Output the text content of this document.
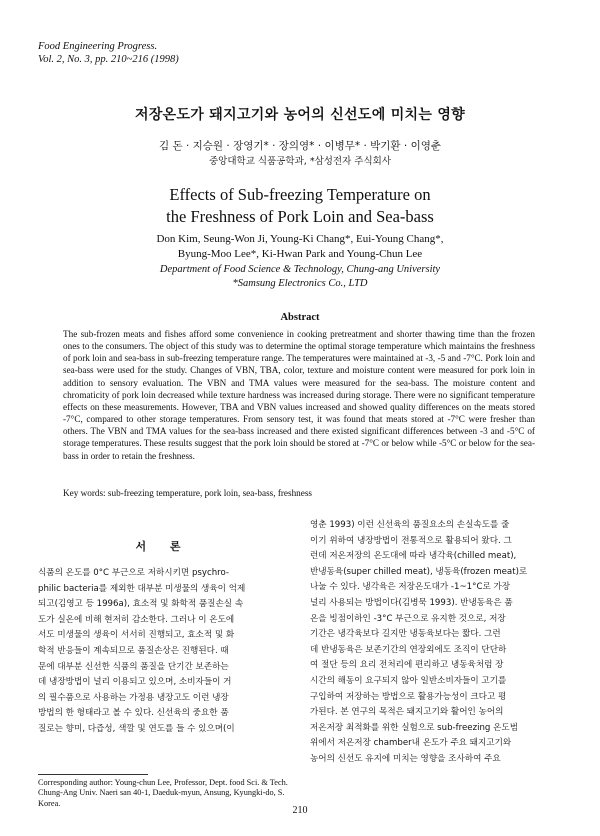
Food Engineering Progress.
Vol. 2, No. 3, pp. 210~216 (1998)
저장온도가 돼지고기와 농어의 신선도에 미치는 영향
김 돈 · 지승원 · 장영기* · 장의영* · 이병무* · 박기환 · 이영춘
중앙대학교 식품공학과, *삼성전자 주식회사
Effects of Sub-freezing Temperature on
the Freshness of Pork Loin and Sea-bass
Don Kim, Seung-Won Ji, Young-Ki Chang*, Eui-Young Chang*,
Byung-Moo Lee*, Ki-Hwan Park and Young-Chun Lee
Department of Food Science & Technology, Chung-ang University
*Samsung Electronics Co., LTD
Abstract
The sub-frozen meats and fishes afford some convenience in cooking pretreatment and shorter thawing time than the frozen ones to the consumers. The object of this study was to determine the optimal storage temperature which maintains the freshness of pork loin and sea-bass in sub-freezing temperature range. The temperatures were maintained at -3, -5 and -7°C. Pork loin and sea-bass were used for the study. Changes of VBN, TBA, color, texture and moisture content were measured for pork loin in addition to sensory evaluation. The VBN and TMA values were measured for the sea-bass. The moisture content and chromaticity of pork loin decreased while texture hardness was increased during storage. There were no significant temperature effects on these measurements. However, TBA and VBN values increased and showed quality differences on the meats stored -7°C, compared to other storage temperatures. From sensory test, it was found that meats stored at -7°C were fresher than others. The VBN and TMA values for the sea-bass increased and there existed significant differences between -3 and -5°C of storage temperatures. These results suggest that the pork loin should be stored at -7°C or below while -5°C or below for the sea-bass in order to retain the freshness.
Key words: sub-freezing temperature, pork loin, sea-bass, freshness
서 론
식품의 온도를 0°C 부근으로 저하시키면 psychro-
philic bacteria를 제외한 대부분 미생물의 생육이 억제
되고(김영고 등 1996a), 효소적 및 화학적 품질손실 속
도가 실온에 비해 현저히 감소한다. 그러나 이 온도에
서도 미생물의 생육이 서서히 진행되고, 효소적 및 화
학적 반응들이 계속되므로 품질손상은 진행된다. 때
문에 대부분 신선한 식품의 품질을 단기간 보존하는
데 냉장방법이 널리 이용되고 있으며, 소비자들이 거
의 필수품으로 사용하는 가정용 냉장고도 이런 냉장
방법의 한 형태라고 볼 수 있다. 신선육의 중요한 품
질로는 향미, 다즙성, 색깔 및 연도를 들 수 있으며(이
영춘 1993) 이런 신선육의 품질요소의 손실속도를 줄
이기 위하여 냉장방법이 전통적으로 활용되어 왔다. 그
런데 저온저장의 온도대에 따라 냉각육(chilled meat),
반냉동육(super chilled meat), 냉동육(frozen meat)로
나눌 수 있다. 냉각육은 저장온도대가 -1~1°C로 가장
널리 사용되는 방법이다(김병묵 1993). 반냉동육은 품
온을 빙점이하인 -3°C 부근으로 유지한 것으로, 저장
기간은 냉각육보다 길지만 냉동육보다는 짧다. 그런
데 반냉동육은 보존기간의 연장외에도 조직이 단단하
여 절단 등의 요리 전처리에 편리하고 냉동육처럼 장
시간의 해동이 요구되지 않아 일반소비자들이 고기를
구입하여 저장하는 방법으로 활용가능성이 크다고 평
가된다. 본 연구의 목적은 돼지고기와 활어인 농어의
저온저장 최적화를 위한 실험으로 sub-freezing 온도범
위에서 저온저장 chamber내 온도가 주요 돼지고기와
농어의 신선도 유지에 미치는 영향을 조사하여 주요
Corresponding author: Young-chun Lee, Professor, Dept. food Sci. & Tech. Chung-Ang Univ. Naeri san 40-1, Daeduk-myun, Ansung, Kyungki-do, S. Korea.
210
